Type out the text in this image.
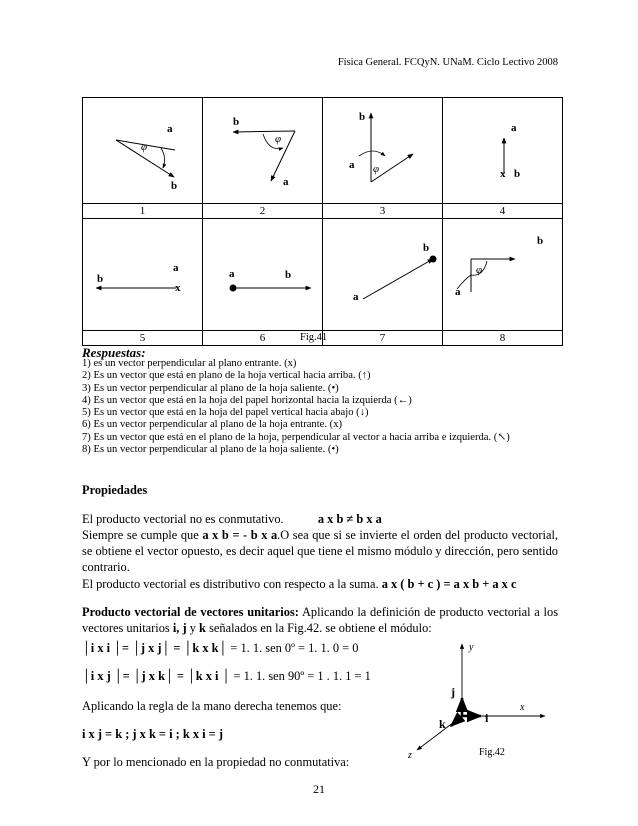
Física General. FCQyN. UNaM. Ciclo Lectivo 2008
a
φ
b	b
φ
a	b
a φ	a
x b

1	2	3	4

a
b
x	a b	b
a	b
φ
a

5	6	7	8
Fig.41
Respuestas:
1) es un vector perpendicular al plano entrante. (x)
2) Es un vector que está en plano de la hoja vertical hacia arriba. (↑)
3) Es un vector perpendicular al plano de la hoja saliente. (•)
4) Es un vector que está en la hoja del papel horizontal hacia la izquierda (←)
5) Es un vector que está en la hoja del papel vertical hacia abajo (↓)
6) Es un vector perpendicular al plano de la hoja entrante. (x)
7) Es un vector que está en el plano de la hoja, perpendicular al vector a hacia arriba e izquierda. (↖)
8) Es un vector perpendicular al plano de la hoja saliente. (•)
Propiedades
El producto vectorial no es conmutativo.	a x b ≠ b x a
Siempre se cumple que a x b = - b x a.O sea que si se invierte el orden del producto vectorial, se obtiene el vector opuesto, es decir aquel que tiene el mismo módulo y dirección, pero sentido contrario.
El producto vectorial es distributivo con respecto a la suma. a x ( b + c ) = a x b + a x c
Producto vectorial de vectores unitarios: Aplicando la definición de producto vectorial a los vectores unitarios i, j y k señalados en la Fig.42. se obtiene el módulo:
│i x i │= │j x j│ = │k x k│ = 1. 1. sen 0º = 1. 1. 0 = 0
│i x j │= │j x k│ = │k x i │ = 1. 1. sen 90º = 1 . 1. 1 = 1
Aplicando la regla de la mano derecha tenemos que:
i x j = k ; j x k = i ; k x i = j
Y por lo mencionado en la propiedad no conmutativa:
y
x
z
j
i
k
Fig.42
21
